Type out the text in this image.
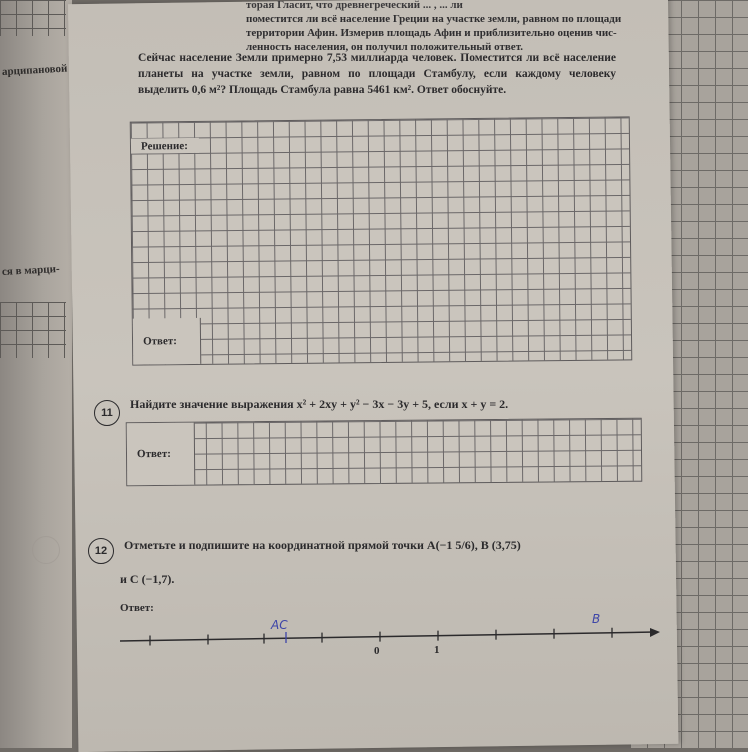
арципановой
ся в марци-

торая Гласит, что древнегреческий ... , ... ли

поместится ли всё население Греции на участке земли, равном по площади

территории Афин. Измерив площадь Афин и приблизительно оценив чис-

ленность населения, он получил положительный ответ.

Сейчас население Земли примерно 7,53 миллиарда человек. Поместится ли всё население планеты на участке земли, равном по площади Стамбулу, если каждому человеку выделить 0,6 м²? Площадь Стамбула равна 5461 км². Ответ обоснуйте.
Решение:
Ответ:
11
Найдите значение выражения x² + 2xy + y² − 3x − 3y + 5, если x + y = 2.
Ответ:
12	Отметьте и подпишите на координатной прямой точки A(−1 5/6), B (3,75)
и C (−1,7).
Ответ:
0	1
AC	B
